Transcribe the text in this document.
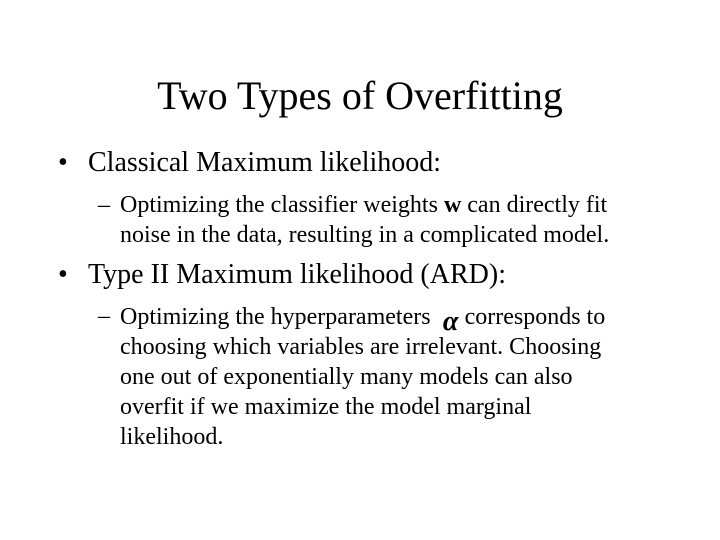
Two Types of Overfitting
• Classical Maximum likelihood:
– Optimizing the classifier weights w can directly fit
noise in the data, resulting in a complicated model.
• Type II Maximum likelihood (ARD):
– Optimizing the hyperparameters α corresponds to
choosing which variables are irrelevant. Choosing
one out of exponentially many models can also
overfit if we maximize the model marginal
likelihood.
